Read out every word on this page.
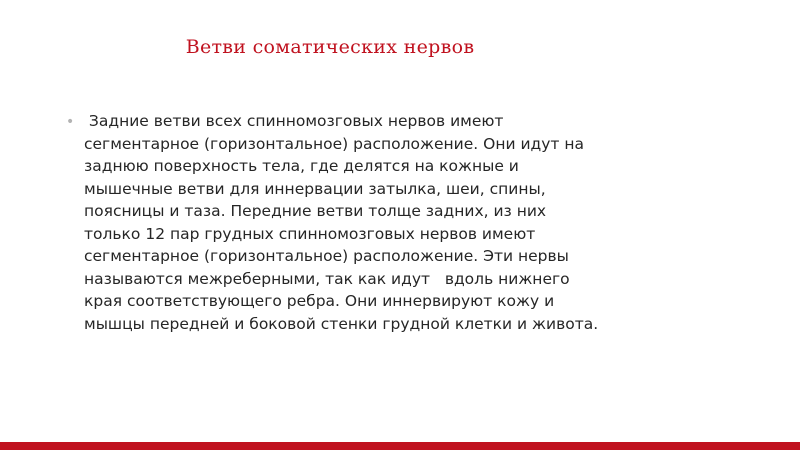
Ветви соматических нервов
• Задние ветви всех спинномозговых нервов имеют
сегментарное (горизонтальное) расположение. Они идут на
заднюю поверхность тела, где делятся на кожные и
мышечные ветви для иннервации затылка, шеи, спины,
поясницы и таза. Передние ветви толще задних, из них
только 12 пар грудных спинномозговых нервов имеют
сегментарное (горизонтальное) расположение. Эти нервы
называются межреберными, так как идут   вдоль нижнего
края соответствующего ребра. Они иннервируют кожу и
мышцы передней и боковой стенки грудной клетки и живота.
